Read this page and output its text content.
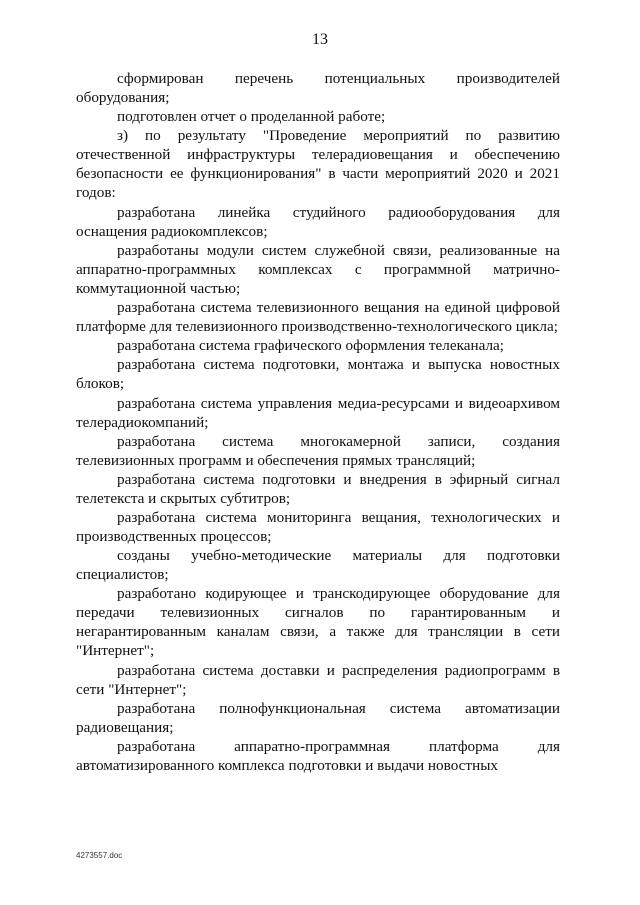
13

сформирован перечень потенциальных производителей оборудования;

подготовлен отчет о проделанной работе;

з) по результату "Проведение мероприятий по развитию отечественной инфраструктуры телерадиовещания и обеспечению безопасности ее функционирования" в части мероприятий 2020 и 2021 годов:

разработана линейка студийного радиооборудования для оснащения радиокомплексов;

разработаны модули систем служебной связи, реализованные на аппаратно-программных комплексах с программной матрично-коммутационной частью;

разработана система телевизионного вещания на единой цифровой платформе для телевизионного производственно-технологического цикла;

разработана система графического оформления телеканала;

разработана система подготовки, монтажа и выпуска новостных блоков;

разработана система управления медиа-ресурсами и видеоархивом телерадиокомпаний;

разработана система многокамерной записи, создания телевизионных программ и обеспечения прямых трансляций;

разработана система подготовки и внедрения в эфирный сигнал телетекста и скрытых субтитров;

разработана система мониторинга вещания, технологических и производственных процессов;

созданы учебно-методические материалы для подготовки специалистов;

разработано кодирующее и транскодирующее оборудование для передачи телевизионных сигналов по гарантированным и негарантированным каналам связи, а также для трансляции в сети "Интернет";

разработана система доставки и распределения радиопрограмм в сети "Интернет";

разработана полнофункциональная система автоматизации радиовещания;

разработана аппаратно-программная платформа для автоматизированного комплекса подготовки и выдачи новостных

4273557.doc
